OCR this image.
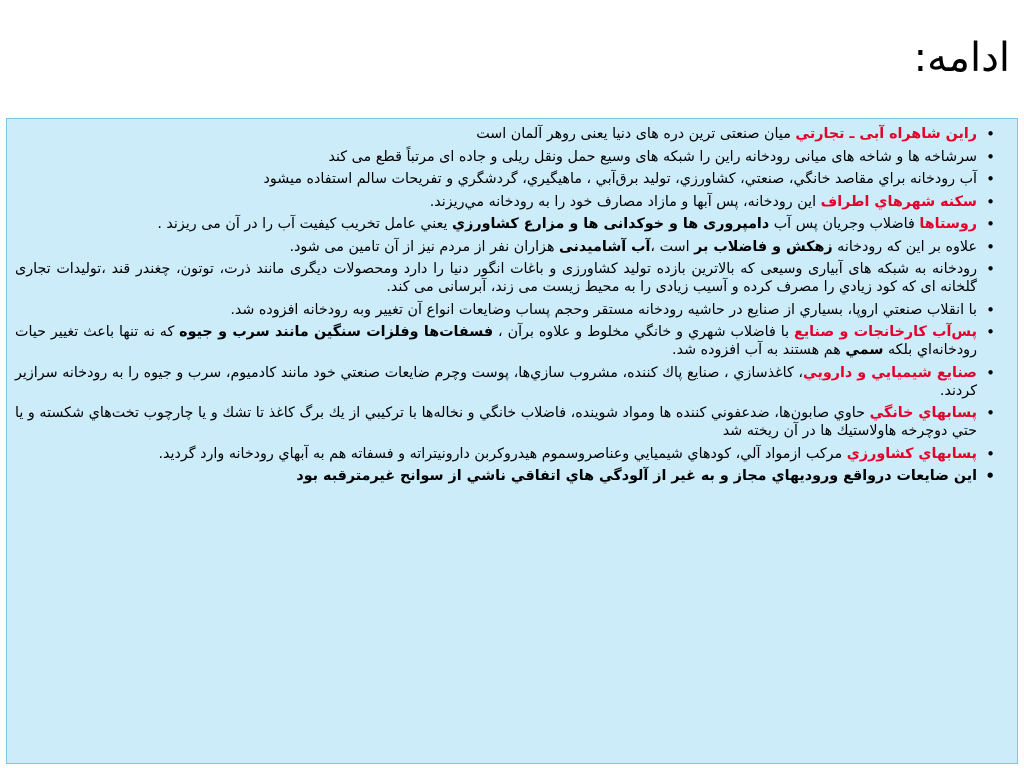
ادامه:
•
راین شاهراه آبی ـ تجارتي میان صنعتی ترین دره های دنیا یعنی روهر آلمان است
•
سرشاخه ها و شاخه های میانی رودخانه راین را شبکه های وسیع حمل ونقل ریلی و جاده ای مرتباً قطع می کند
•
آب رودخانه براي مقاصد خانگي، صنعتي، كشاورزي، توليد برق‌آبي ، ماهيگيري، گردشگري و تفريحات سالم استفاده میشود
•
سكنه شهرهاي اطراف اين رودخانه، پس آبها و مازاد مصارف خود را به رودخانه مي‌ريزند.
•
روستاها فاضلاب وجريان پس آب دامپروری ها و خوکدانی ها و مزارع كشاورزي يعني عامل تخريب كيفيت آب را در آن می ریزند .
•
علاوه بر این که رودخانه زهکش و فاضلاب بر است ،آب آشامیدنی هزاران نفر از مردم نیز از آن تامین می شود.
•
رودخانه به شبکه های آبیاری وسیعی که بالاترین بازده تولید کشاورزی و باغات انگور دنیا را دارد ومحصولات دیگری مانند ذرت، توتون، چغندر قند ،تولیدات تجاری گلخانه ای که کود زيادي را مصرف کرده و آسیب زیادی را به محیط زیست می زند، آبرسانی می کند.
•
با انقلاب صنعتي اروپا، بسياري از صنايع در حاشيه رودخانه مستقر وحجم پساب وضايعات انواع آن تغيير وبه رودخانه افزوده شد.
•
پس‌آب كارخانجات و صنايع با فاضلاب شهري و خانگي مخلوط و علاوه برآن ، فسفات‌ها وفلزات سنگين مانند سرب و جيوه كه نه تنها باعث تغيير حيات رودخانه‌اي بلكه سمي هم هستند به آب افزوده شد.
•
صنايع شيميايي و دارويي، كاغذسازي ، صنايع پاك كننده، مشروب سازي‌ها، پوست وچرم ضايعات صنعتي خود مانند كادميوم، سرب و جيوه را به رودخانه سرازير كردند.
•
پسابهاي خانگي حاوي صابون‌ها، ضدعفوني كننده ها ومواد شوينده، فاضلاب خانگي و نخاله‌ها با تركيبي از يك برگ كاغذ تا تشك و يا چارچوب تخت‌هاي شكسته و يا حتي دوچرخه هاولاستيك ها در آن ريخته شد
•
پسابهاي كشاورزي مركب ازمواد آلي، كودهاي شيميايي وعناصروسموم هيدروكربن دارونيتراته و فسفاته هم به آبهاي رودخانه وارد گرديد.
•
اين ضايعات درواقع وروديهاي مجاز و به غير از آلودگي هاي اتفاقي ناشي از سوانح غيرمترقبه بود
